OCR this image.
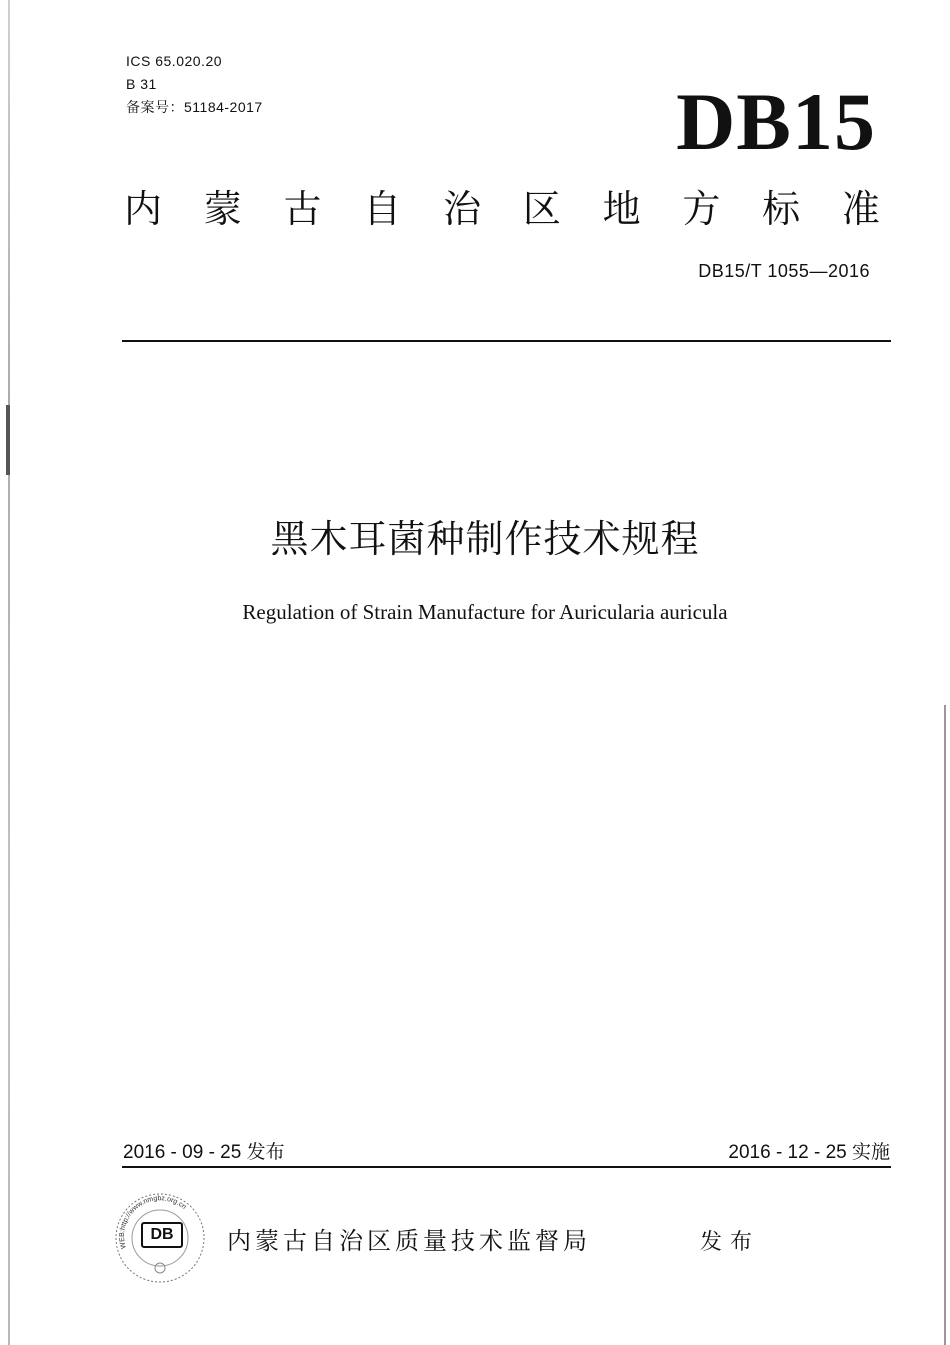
ICS 65.020.20
B 31
备案号：51184-2017	DB15
内 蒙 古 自 治 区 地 方 标 准
DB15/T 1055—2016
黑木耳菌种制作技术规程
Regulation of Strain Manufacture for Auricularia auricula
2016 - 09 - 25 发布	2016 - 12 - 25 实施
WEB:http://www.nmgbz.org.cn
DB	内蒙古自治区质量技术监督局	发布
